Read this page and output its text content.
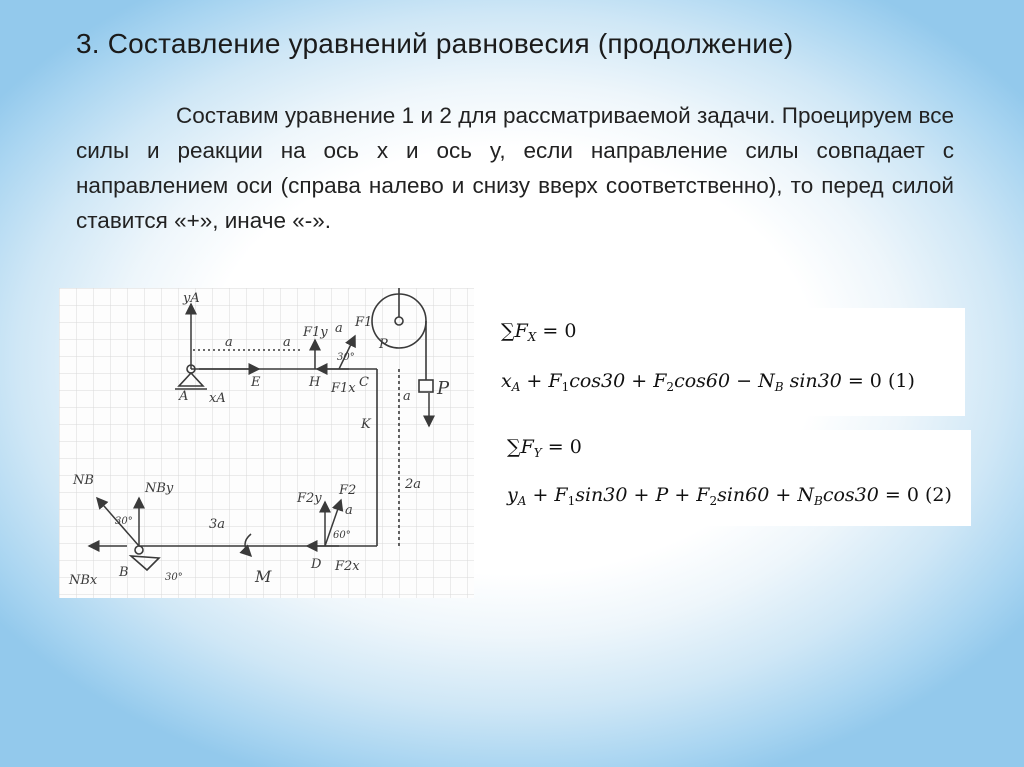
3. Составление уравнений равновесия (продолжение)

Составим уравнение 1 и 2 для рассматриваемой задачи. Проецируем все силы и реакции на ось x и ось y, если направление силы совпадает с направлением оси (справа налево и снизу вверх соответственно), то перед силой ставится «+», иначе «-».

yA
a	a
F1y a F1
30°
P
A
E	H F1x C
xA	a P
K
2a
NB
NBy
30°	3a
F2y
F2
a
60°
M
B
D F2x
NBx	30°
$\sum F_X = 0$
$x_A + F_1\cos 30 + F_2\cos 60 - N_B$ sin30 = 0 (1)
$\sum F_Y = 0$
$y_A + F_1\sin 30 + P + F_2\sin 60 + N_B\cos 30 = 0$ (2)
